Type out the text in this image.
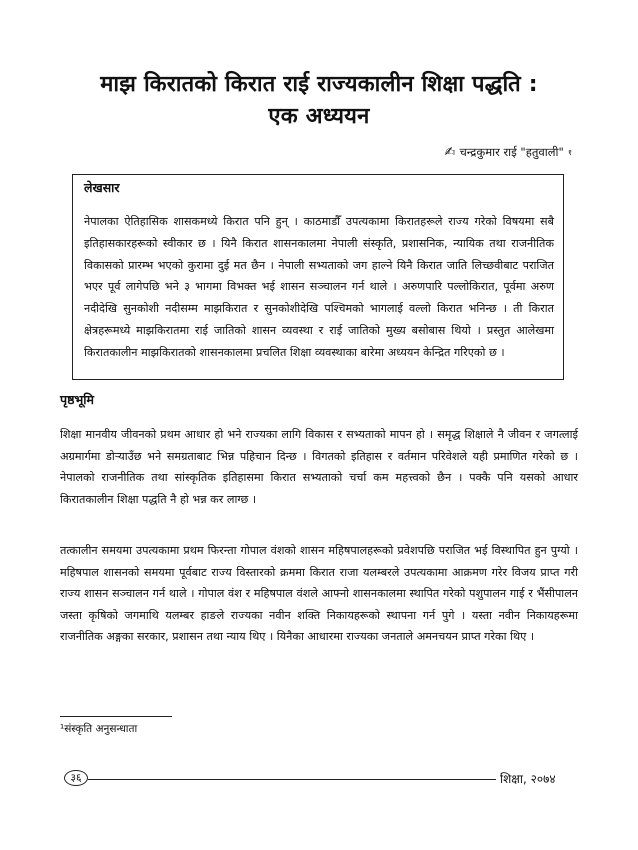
माझ किरातको किरात राई राज्यकालीन शिक्षा पद्धति :
एक अध्ययन
✍ चन्द्रकुमार राई "हतुवाली" १

लेखसार

नेपालका ऐतिहासिक शासकमध्ये किरात पनि हुन् । काठमाडौँ उपत्यकामा किरातहरूले राज्य गरेको विषयमा सबै इतिहासकारहरूको स्वीकार छ । यिनै किरात शासनकालमा नेपाली संस्कृति, प्रशासनिक, न्यायिक तथा राजनीतिक विकासको प्रारम्भ भएको कुरामा दुई मत छैन । नेपाली सभ्यताको जग हाल्ने यिनै किरात जाति लिच्छवीबाट पराजित भएर पूर्व लागेपछि भने ३ भागमा विभक्त भई शासन सञ्चालन गर्न थाले । अरुणपारि पल्लोकिरात, पूर्वमा अरुण नदीदेखि सुनकोशी नदीसम्म माझकिरात र सुनकोशीदेखि पश्चिमको भागलाई वल्लो किरात भनिन्छ । ती किरात क्षेत्रहरूमध्ये माझकिरातमा राई जातिको शासन व्यवस्था र राई जातिको मुख्य बसोबास थियो । प्रस्तुत आलेखमा किरातकालीन माझकिरातको शासनकालमा प्रचलित शिक्षा व्यवस्थाका बारेमा अध्ययन केन्द्रित गरिएको छ ।

पृष्ठभूमि

शिक्षा मानवीय जीवनको प्रथम आधार हो भने राज्यका लागि विकास र सभ्यताको मापन हो । समृद्ध शिक्षाले नै जीवन र जगत्लाई अग्रमार्गमा डोऱ्याउँछ भने समग्रताबाट भिन्न पहिचान दिन्छ । विगतको इतिहास र वर्तमान परिवेशले यही प्रमाणित गरेको छ । नेपालको राजनीतिक तथा सांस्कृतिक इतिहासमा किरात सभ्यताको चर्चा कम महत्त्वको छैन । पक्कै पनि यसको आधार किरातकालीन शिक्षा पद्धति नै हो भन्न कर लाग्छ ।

तत्कालीन समयमा उपत्यकामा प्रथम फिरन्ता गोपाल वंशको शासन महिषपालहरूको प्रवेशपछि पराजित भई विस्थापित हुन पुग्यो । महिषपाल शासनको समयमा पूर्वबाट राज्य विस्तारको क्रममा किरात राजा यलम्बरले उपत्यकामा आक्रमण गरेर विजय प्राप्त गरी राज्य शासन सञ्चालन गर्न थाले । गोपाल वंश र महिषपाल वंशले आफ्नो शासनकालमा स्थापित गरेको पशुपालन गाई र भैंसीपालन जस्ता कृषिको जगमाथि यलम्बर हाङले राज्यका नवीन शक्ति निकायहरूको स्थापना गर्न पुगे । यस्ता नवीन निकायहरूमा राजनीतिक अङ्गका सरकार, प्रशासन तथा न्याय थिए । यिनैका आधारमा राज्यका जनताले अमनचयन प्राप्त गरेका थिए ।

¹संस्कृति अनुसन्धाता

३६	शिक्षा, २०७४
